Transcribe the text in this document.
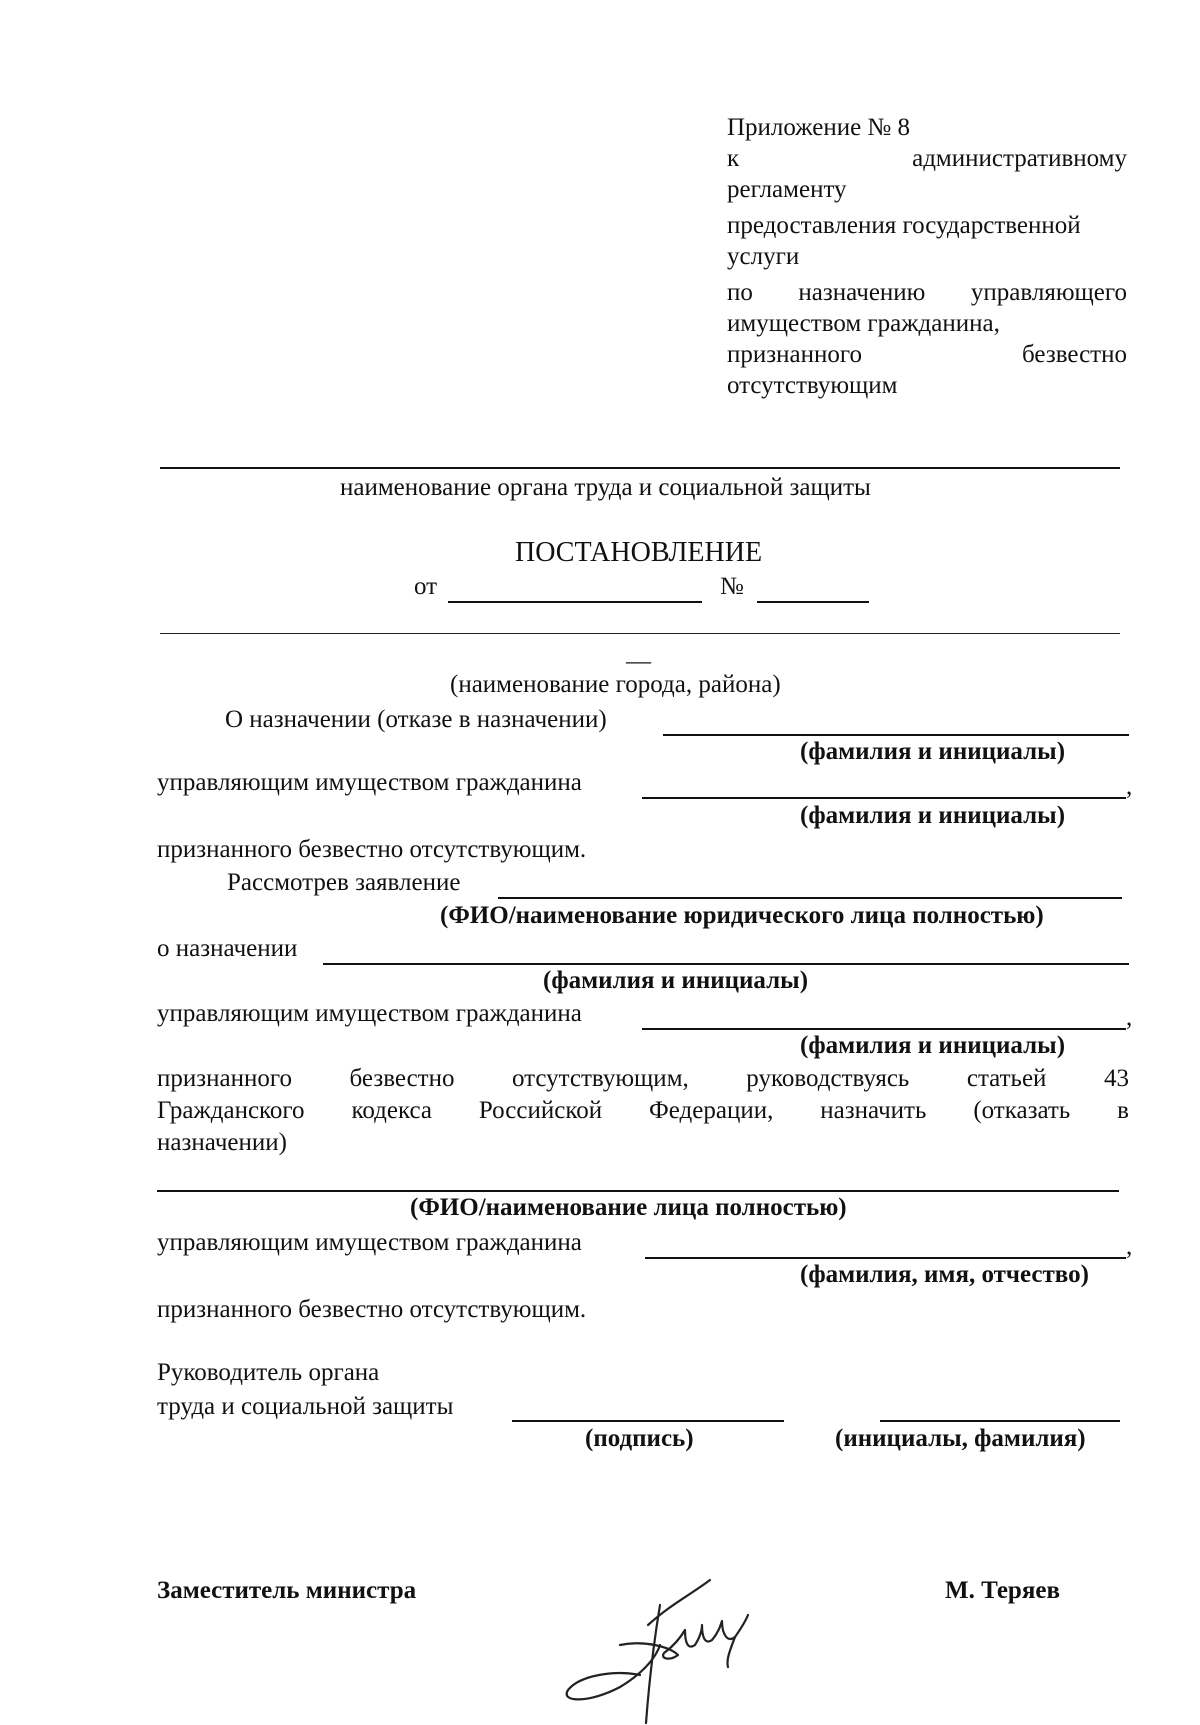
Приложение № 8
к	административному
регламенту
предоставления государственной
услуги
по назначению управляющего
имуществом гражданина,
признанного	безвестно
отсутствующим
наименование органа труда и социальной защиты
ПОСТАНОВЛЕНИЕ
от	№
—
(наименование города, района)
О назначении (отказе в назначении)
(фамилия и инициалы)
управляющим имуществом гражданина	,
(фамилия и инициалы)
признанного безвестно отсутствующим.
Рассмотрев заявление
(ФИО/наименование юридического лица полностью)
о назначении
(фамилия и инициалы)
управляющим имуществом гражданина	,
(фамилия и инициалы)
признанного безвестно отсутствующим, руководствуясь статьей 43
Гражданского кодекса Российской Федерации, назначить (отказать в
назначении)
(ФИО/наименование лица полностью)
управляющим имуществом гражданина	,
(фамилия, имя, отчество)
признанного безвестно отсутствующим.
Руководитель органа
труда и социальной защиты
(подпись)	(инициалы, фамилия)
Заместитель министра	М. Теряев
